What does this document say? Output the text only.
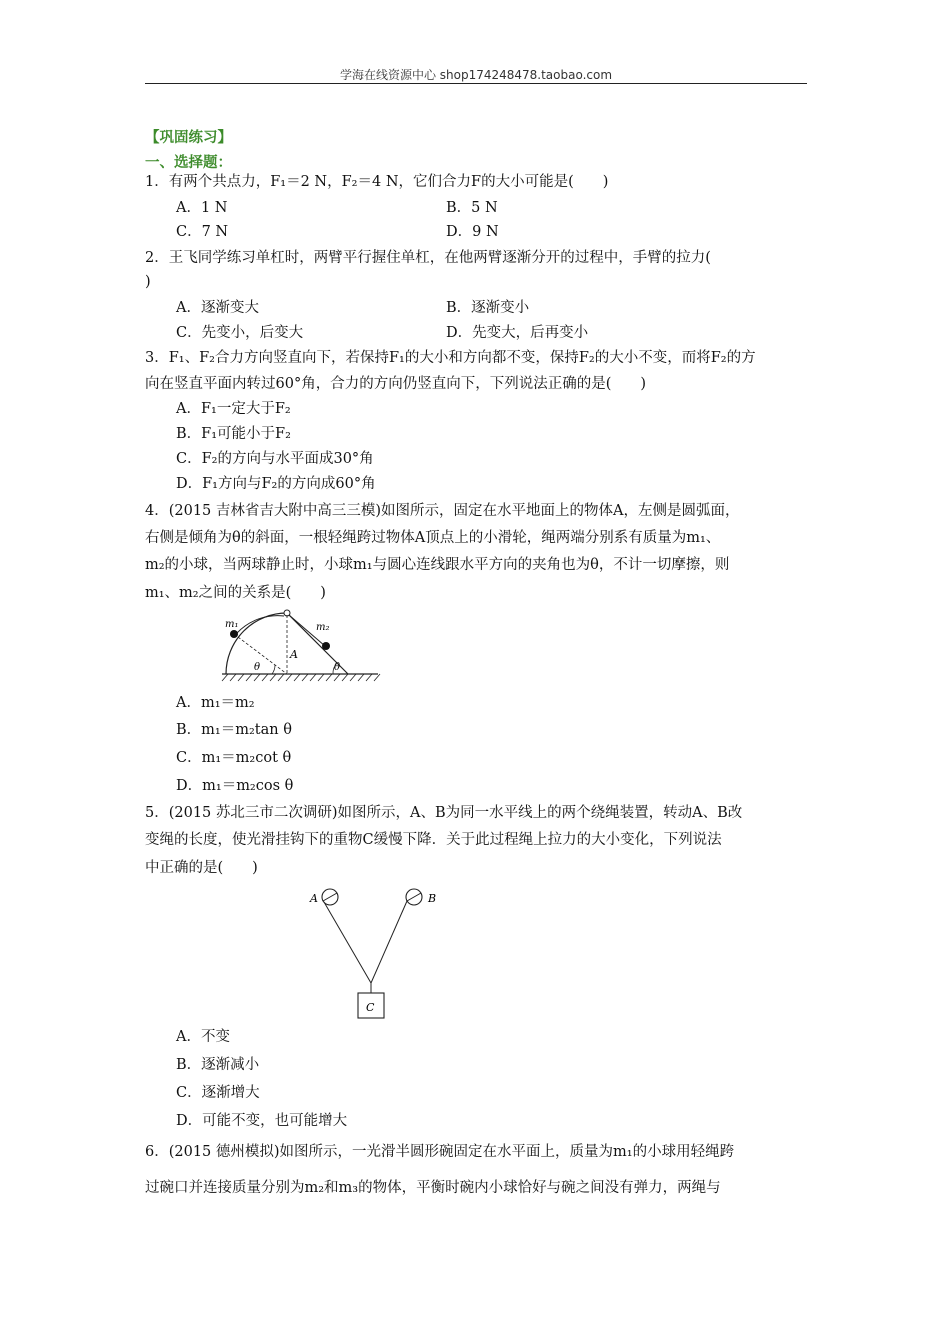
学海在线资源中心 shop174248478.taobao.com
【巩固练习】
一、选择题：
1．有两个共点力，F₁＝2 N，F₂＝4 N，它们合力F的大小可能是(　　)
A．1 N	B．5 N
C．7 N	D．9 N
2．王飞同学练习单杠时，两臂平行握住单杠，在他两臂逐渐分开的过程中，手臂的拉力(
)
A．逐渐变大	B．逐渐变小
C．先变小，后变大	D．先变大，后再变小
3．F₁、F₂合力方向竖直向下，若保持F₁的大小和方向都不变，保持F₂的大小不变，而将F₂的方
向在竖直平面内转过60°角，合力的方向仍竖直向下，下列说法正确的是(　　)
A．F₁一定大于F₂
B．F₁可能小于F₂
C．F₂的方向与水平面成30°角
D．F₁方向与F₂的方向成60°角
4．(2015 吉林省吉大附中高三三模)如图所示，固定在水平地面上的物体A，左侧是圆弧面，
右侧是倾角为θ的斜面，一根轻绳跨过物体A顶点上的小滑轮，绳两端分别系有质量为m₁、
m₂的小球，当两球静止时，小球m₁与圆心连线跟水平方向的夹角也为θ，不计一切摩擦，则
m₁、m₂之间的关系是(　　)
m₁	m₂
A
θ	θ
A．m₁＝m₂
B．m₁＝m₂tan θ
C．m₁＝m₂cot θ
D．m₁＝m₂cos θ
5．(2015 苏北三市二次调研)如图所示，A、B为同一水平线上的两个绕绳装置，转动A、B改
变绳的长度，使光滑挂钩下的重物C缓慢下降．关于此过程绳上拉力的大小变化，下列说法
中正确的是(　　)
A	B
C
A．不变
B．逐渐减小
C．逐渐增大
D．可能不变，也可能增大
6．(2015 德州模拟)如图所示，一光滑半圆形碗固定在水平面上，质量为m₁的小球用轻绳跨
过碗口并连接质量分别为m₂和m₃的物体，平衡时碗内小球恰好与碗之间没有弹力，两绳与
